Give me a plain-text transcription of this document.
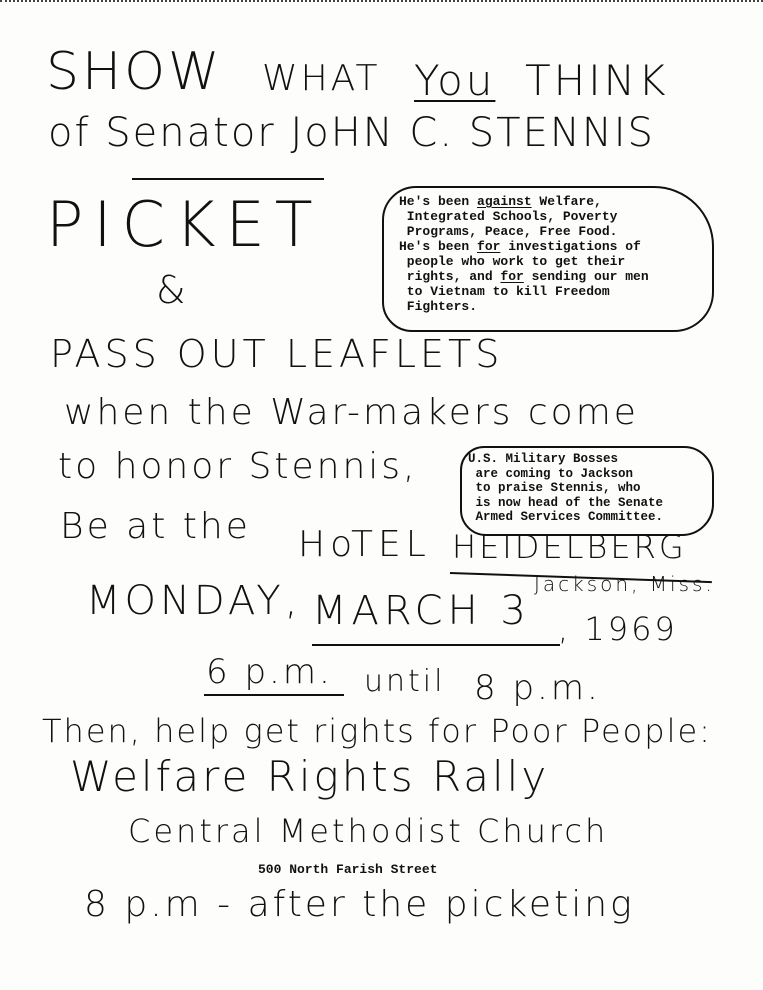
SHOW WHAT You THINK
of Senator JoHN C. STENNIS
PICKET
&
He's been against Welfare,
Integrated Schools, Poverty
Programs, Peace, Free Food.
He's been for investigations of
people who work to get their
rights, and for sending our men
to Vietnam to kill Freedom
Fighters.
PASS OUT LEAFLETS
when the War-makers come
to honor Stennis,	U.S. Military Bosses
are coming to Jackson
to praise Stennis, who
is now head of the Senate
Armed Services Committee.
Be at the HoTEL HEIDELBERG
Jackson, Miss.
MONDAY, MARCH 3 , 1969
6 p.m. until 8 p.m.
Then, help get rights for Poor People:
Welfare Rights Rally
Central Methodist Church
500 North Farish Street
8 p.m - after the picketing
